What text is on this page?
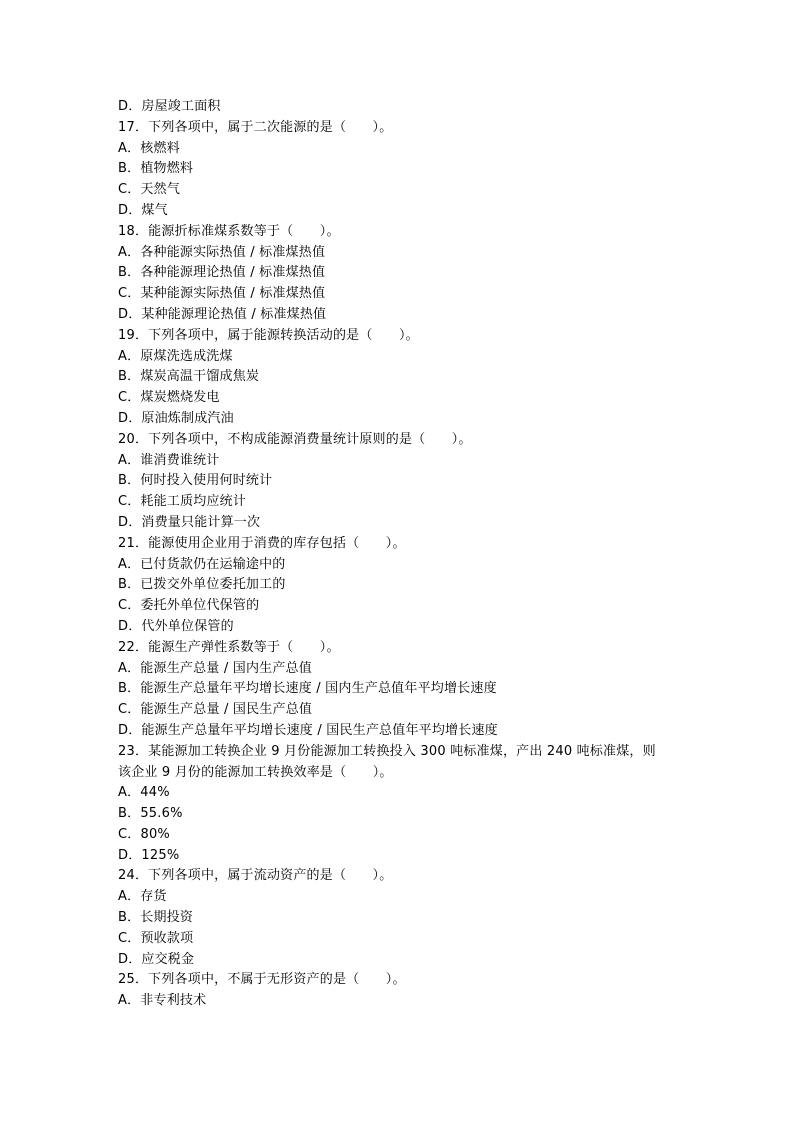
D．房屋竣工面积
17．下列各项中，属于二次能源的是（　　）。
A．核燃料
B．植物燃料
C．天然气
D．煤气
18．能源折标准煤系数等于（　　）。
A．各种能源实际热值 / 标准煤热值
B．各种能源理论热值 / 标准煤热值
C．某种能源实际热值 / 标准煤热值
D．某种能源理论热值 / 标准煤热值
19．下列各项中，属于能源转换活动的是（　　）。
A．原煤洗选成洗煤
B．煤炭高温干馏成焦炭
C．煤炭燃烧发电
D．原油炼制成汽油
20．下列各项中，不构成能源消费量统计原则的是（　　）。
A．谁消费谁统计
B．何时投入使用何时统计
C．耗能工质均应统计
D．消费量只能计算一次
21．能源使用企业用于消费的库存包括（　　）。
A．已付货款仍在运输途中的
B．已拨交外单位委托加工的
C．委托外单位代保管的
D．代外单位保管的
22．能源生产弹性系数等于（　　）。
A．能源生产总量 / 国内生产总值
B．能源生产总量年平均增长速度 / 国内生产总值年平均增长速度
C．能源生产总量 / 国民生产总值
D．能源生产总量年平均增长速度 / 国民生产总值年平均增长速度
23．某能源加工转换企业 9 月份能源加工转换投入 300 吨标准煤，产出 240 吨标准煤，则
该企业 9 月份的能源加工转换效率是（　　）。
A．44%
B．55.6%
C．80%
D．125%
24．下列各项中，属于流动资产的是（　　）。
A．存货
B．长期投资
C．预收款项
D．应交税金
25．下列各项中，不属于无形资产的是（　　）。
A．非专利技术
